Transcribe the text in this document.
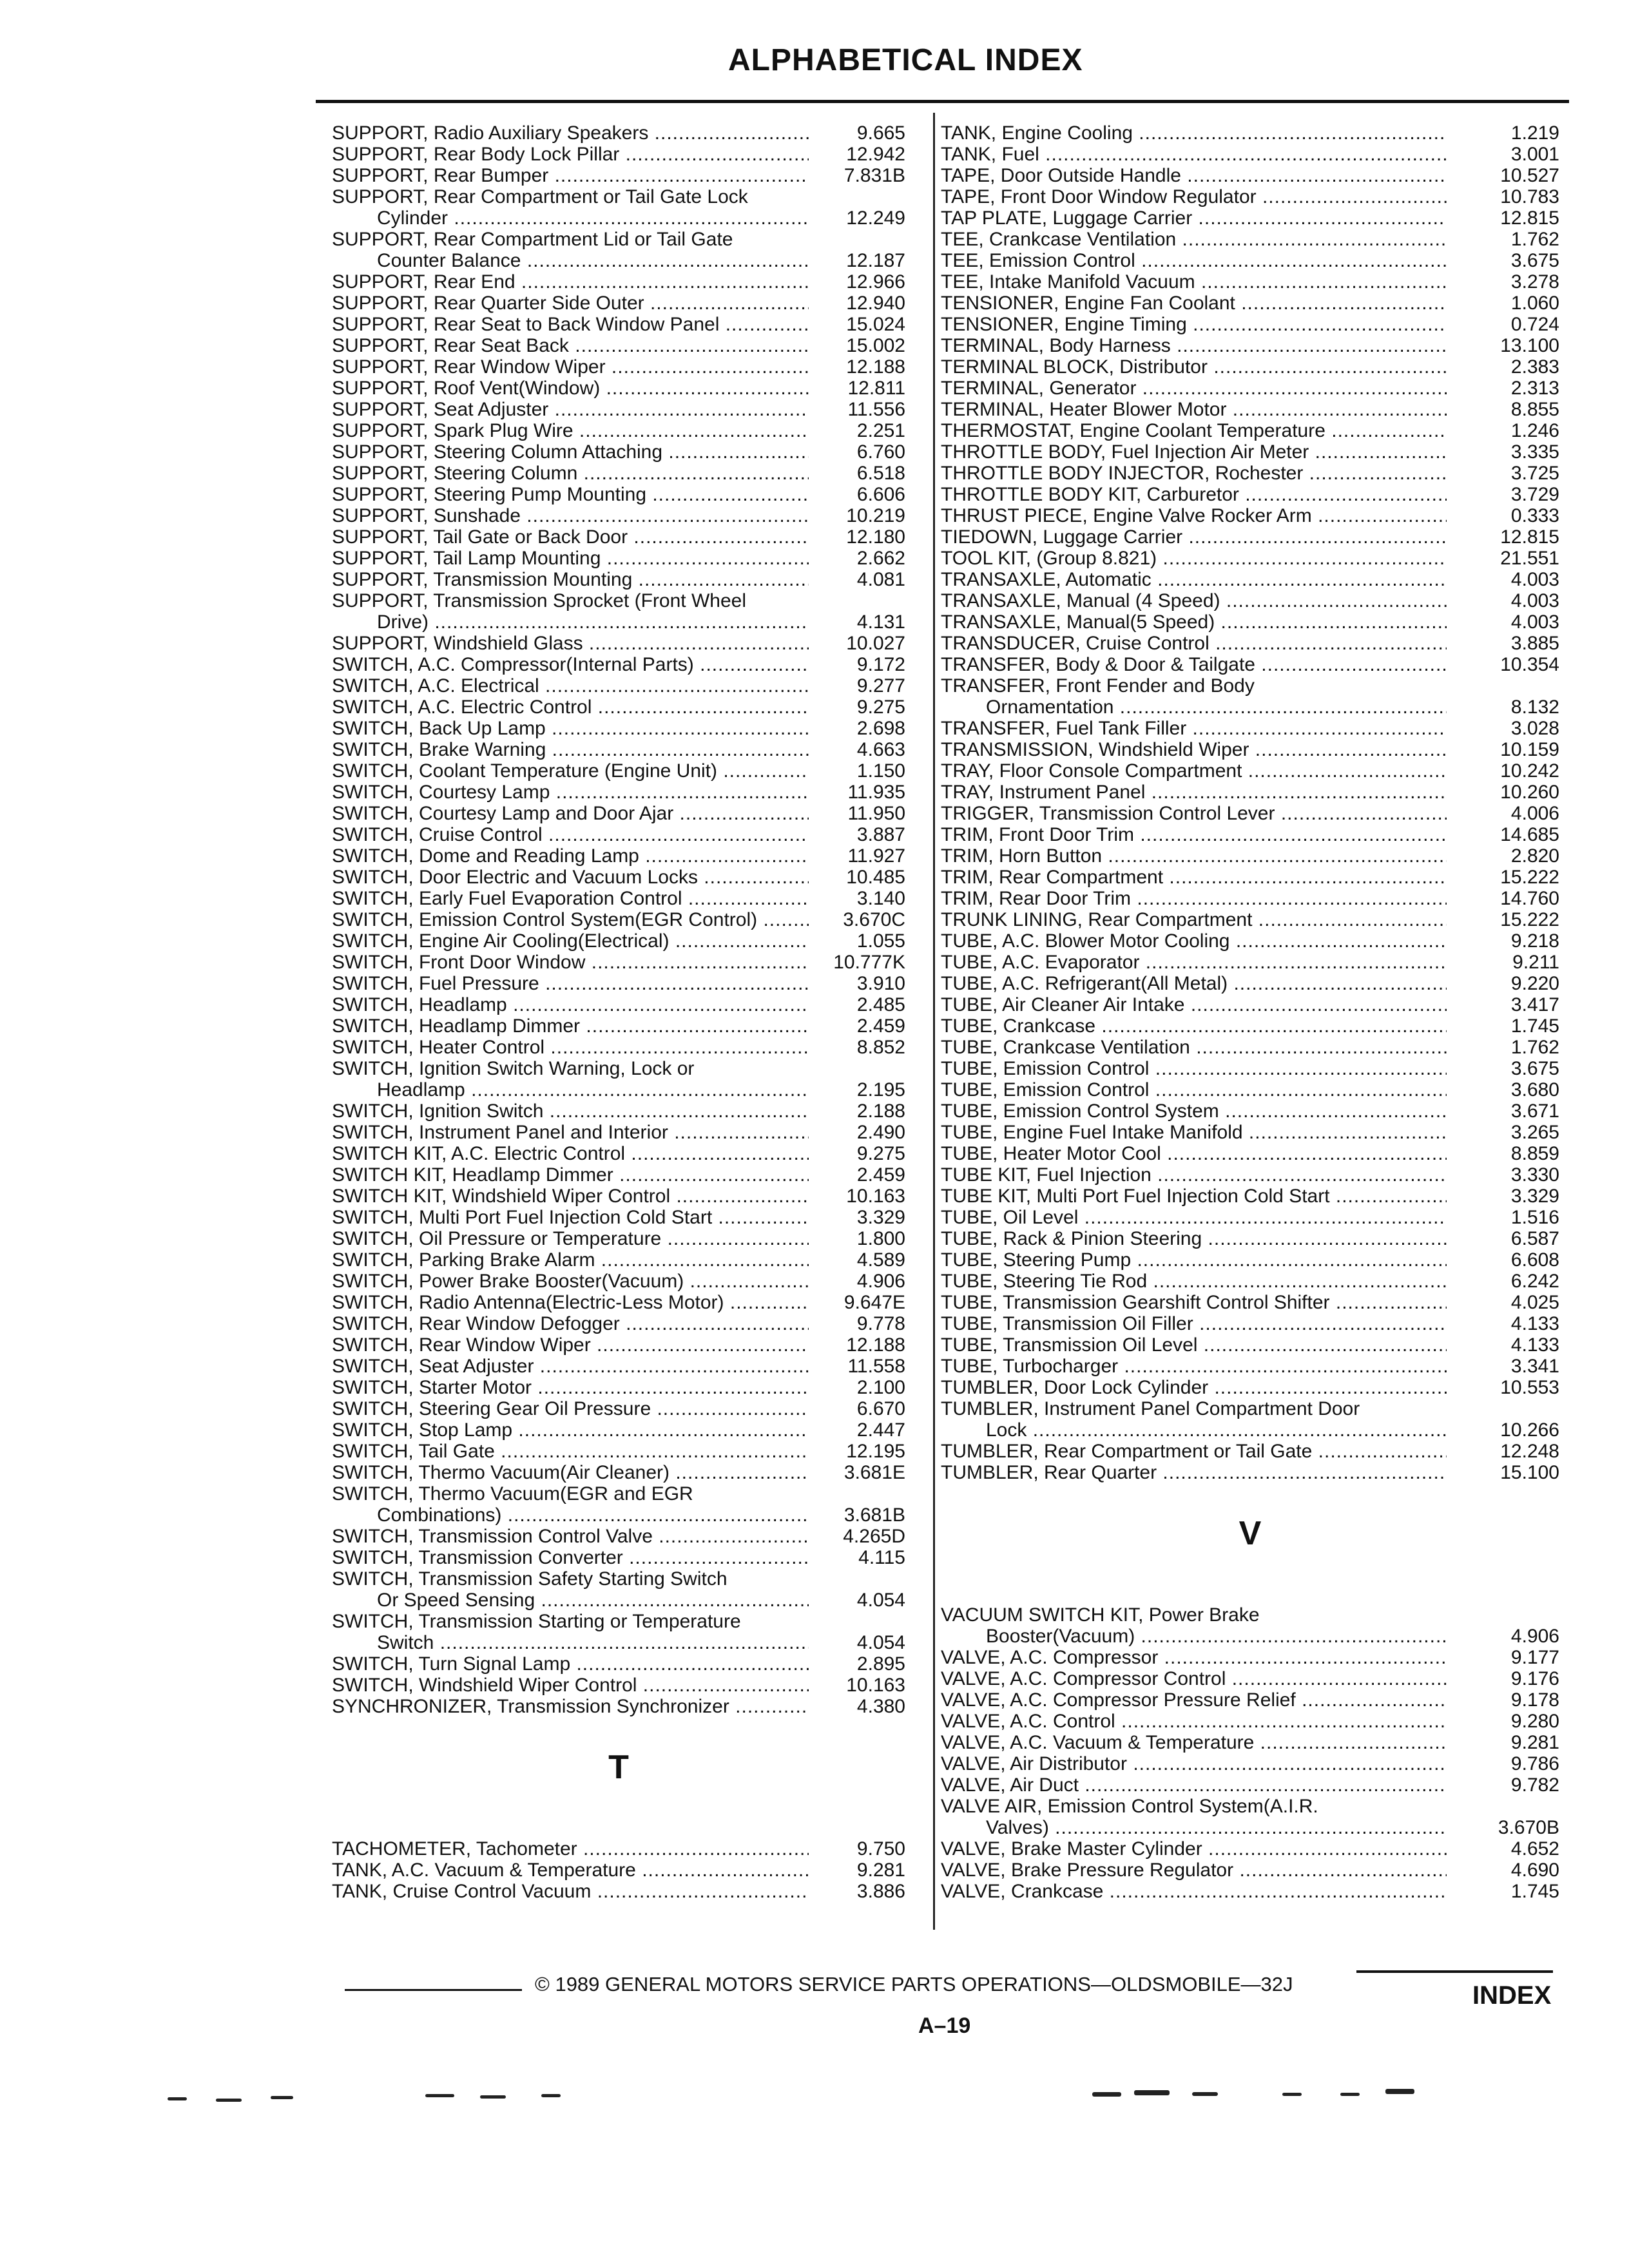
ALPHABETICAL INDEX
SUPPORT, Radio Auxiliary Speakers .....	9.665
SUPPORT, Rear Body Lock Pillar .....	12.942
SUPPORT, Rear Bumper .....	7.831B
SUPPORT, Rear Compartment or Tail Gate Lock
Cylinder .....	12.249
SUPPORT, Rear Compartment Lid or Tail Gate
Counter Balance .....	12.187
SUPPORT, Rear End .....	12.966
SUPPORT, Rear Quarter Side Outer .....	12.940
SUPPORT, Rear Seat to Back Window Panel .....	15.024
SUPPORT, Rear Seat Back .....	15.002
SUPPORT, Rear Window Wiper .....	12.188
SUPPORT, Roof Vent(Window) .....	12.811
SUPPORT, Seat Adjuster .....	11.556
SUPPORT, Spark Plug Wire .....	2.251
SUPPORT, Steering Column Attaching .....	6.760
SUPPORT, Steering Column .....	6.518
SUPPORT, Steering Pump Mounting .....	6.606
SUPPORT, Sunshade .....	10.219
SUPPORT, Tail Gate or Back Door .....	12.180
SUPPORT, Tail Lamp Mounting .....	2.662
SUPPORT, Transmission Mounting .....	4.081
SUPPORT, Transmission Sprocket (Front Wheel
Drive) .....	4.131
SUPPORT, Windshield Glass .....	10.027
SWITCH, A.C. Compressor(Internal Parts) .....	9.172
SWITCH, A.C. Electrical .....	9.277
SWITCH, A.C. Electric Control .....	9.275
SWITCH, Back Up Lamp .....	2.698
SWITCH, Brake Warning .....	4.663
SWITCH, Coolant Temperature (Engine Unit) .....	1.150
SWITCH, Courtesy Lamp .....	11.935
SWITCH, Courtesy Lamp and Door Ajar .....	11.950
SWITCH, Cruise Control .....	3.887
SWITCH, Dome and Reading Lamp .....	11.927
SWITCH, Door Electric and Vacuum Locks .....	10.485
SWITCH, Early Fuel Evaporation Control .....	3.140
SWITCH, Emission Control System(EGR Control) .....	3.670C
SWITCH, Engine Air Cooling(Electrical) .....	1.055
SWITCH, Front Door Window .....	10.777K
SWITCH, Fuel Pressure .....	3.910
SWITCH, Headlamp .....	2.485
SWITCH, Headlamp Dimmer .....	2.459
SWITCH, Heater Control .....	8.852
SWITCH, Ignition Switch Warning, Lock or
Headlamp .....	2.195
SWITCH, Ignition Switch .....	2.188
SWITCH, Instrument Panel and Interior .....	2.490
SWITCH KIT, A.C. Electric Control .....	9.275
SWITCH KIT, Headlamp Dimmer .....	2.459
SWITCH KIT, Windshield Wiper Control .....	10.163
SWITCH, Multi Port Fuel Injection Cold Start .....	3.329
SWITCH, Oil Pressure or Temperature .....	1.800
SWITCH, Parking Brake Alarm .....	4.589
SWITCH, Power Brake Booster(Vacuum) .....	4.906
SWITCH, Radio Antenna(Electric-Less Motor) .....	9.647E
SWITCH, Rear Window Defogger .....	9.778
SWITCH, Rear Window Wiper .....	12.188
SWITCH, Seat Adjuster .....	11.558
SWITCH, Starter Motor .....	2.100
SWITCH, Steering Gear Oil Pressure .....	6.670
SWITCH, Stop Lamp .....	2.447
SWITCH, Tail Gate .....	12.195
SWITCH, Thermo Vacuum(Air Cleaner) .....	3.681E
SWITCH, Thermo Vacuum(EGR and EGR
Combinations) .....	3.681B
SWITCH, Transmission Control Valve .....	4.265D
SWITCH, Transmission Converter .....	4.115
SWITCH, Transmission Safety Starting Switch
Or Speed Sensing .....	4.054
SWITCH, Transmission Starting or Temperature
Switch .....	4.054
SWITCH, Turn Signal Lamp .....	2.895
SWITCH, Windshield Wiper Control .....	10.163
SYNCHRONIZER, Transmission Synchronizer .....	4.380
T
TACHOMETER, Tachometer .....	9.750
TANK, A.C. Vacuum & Temperature .....	9.281
TANK, Cruise Control Vacuum .....	3.886
TANK, Engine Cooling .....	1.219
TANK, Fuel .....	3.001
TAPE, Door Outside Handle .....	10.527
TAPE, Front Door Window Regulator .....	10.783
TAP PLATE, Luggage Carrier .....	12.815
TEE, Crankcase Ventilation .....	1.762
TEE, Emission Control .....	3.675
TEE, Intake Manifold Vacuum .....	3.278
TENSIONER, Engine Fan Coolant .....	1.060
TENSIONER, Engine Timing .....	0.724
TERMINAL, Body Harness .....	13.100
TERMINAL BLOCK, Distributor .....	2.383
TERMINAL, Generator .....	2.313
TERMINAL, Heater Blower Motor .....	8.855
THERMOSTAT, Engine Coolant Temperature .....	1.246
THROTTLE BODY, Fuel Injection Air Meter .....	3.335
THROTTLE BODY INJECTOR, Rochester .....	3.725
THROTTLE BODY KIT, Carburetor .....	3.729
THRUST PIECE, Engine Valve Rocker Arm .....	0.333
TIEDOWN, Luggage Carrier .....	12.815
TOOL KIT, (Group 8.821) .....	21.551
TRANSAXLE, Automatic .....	4.003
TRANSAXLE, Manual (4 Speed) .....	4.003
TRANSAXLE, Manual(5 Speed) .....	4.003
TRANSDUCER, Cruise Control .....	3.885
TRANSFER, Body & Door & Tailgate .....	10.354
TRANSFER, Front Fender and Body
Ornamentation .....	8.132
TRANSFER, Fuel Tank Filler .....	3.028
TRANSMISSION, Windshield Wiper .....	10.159
TRAY, Floor Console Compartment .....	10.242
TRAY, Instrument Panel .....	10.260
TRIGGER, Transmission Control Lever .....	4.006
TRIM, Front Door Trim .....	14.685
TRIM, Horn Button .....	2.820
TRIM, Rear Compartment .....	15.222
TRIM, Rear Door Trim .....	14.760
TRUNK LINING, Rear Compartment .....	15.222
TUBE, A.C. Blower Motor Cooling .....	9.218
TUBE, A.C. Evaporator .....	9.211
TUBE, A.C. Refrigerant(All Metal) .....	9.220
TUBE, Air Cleaner Air Intake .....	3.417
TUBE, Crankcase .....	1.745
TUBE, Crankcase Ventilation .....	1.762
TUBE, Emission Control .....	3.675
TUBE, Emission Control .....	3.680
TUBE, Emission Control System .....	3.671
TUBE, Engine Fuel Intake Manifold .....	3.265
TUBE, Heater Motor Cool .....	8.859
TUBE KIT, Fuel Injection .....	3.330
TUBE KIT, Multi Port Fuel Injection Cold Start .....	3.329
TUBE, Oil Level .....	1.516
TUBE, Rack & Pinion Steering .....	6.587
TUBE, Steering Pump .....	6.608
TUBE, Steering Tie Rod .....	6.242
TUBE, Transmission Gearshift Control Shifter .....	4.025
TUBE, Transmission Oil Filler .....	4.133
TUBE, Transmission Oil Level .....	4.133
TUBE, Turbocharger .....	3.341
TUMBLER, Door Lock Cylinder .....	10.553
TUMBLER, Instrument Panel Compartment Door
Lock .....	10.266
TUMBLER, Rear Compartment or Tail Gate .....	12.248
TUMBLER, Rear Quarter .....	15.100
V
VACUUM SWITCH KIT, Power Brake
Booster(Vacuum) .....	4.906
VALVE, A.C. Compressor .....	9.177
VALVE, A.C. Compressor Control .....	9.176
VALVE, A.C. Compressor Pressure Relief .....	9.178
VALVE, A.C. Control .....	9.280
VALVE, A.C. Vacuum & Temperature .....	9.281
VALVE, Air Distributor .....	9.786
VALVE, Air Duct .....	9.782
VALVE AIR, Emission Control System(A.I.R.
Valves) .....	3.670B
VALVE, Brake Master Cylinder .....	4.652
VALVE, Brake Pressure Regulator .....	4.690
VALVE, Crankcase .....	1.745
© 1989 GENERAL MOTORS SERVICE PARTS OPERATIONS—OLDSMOBILE—32J	INDEX
A–19
